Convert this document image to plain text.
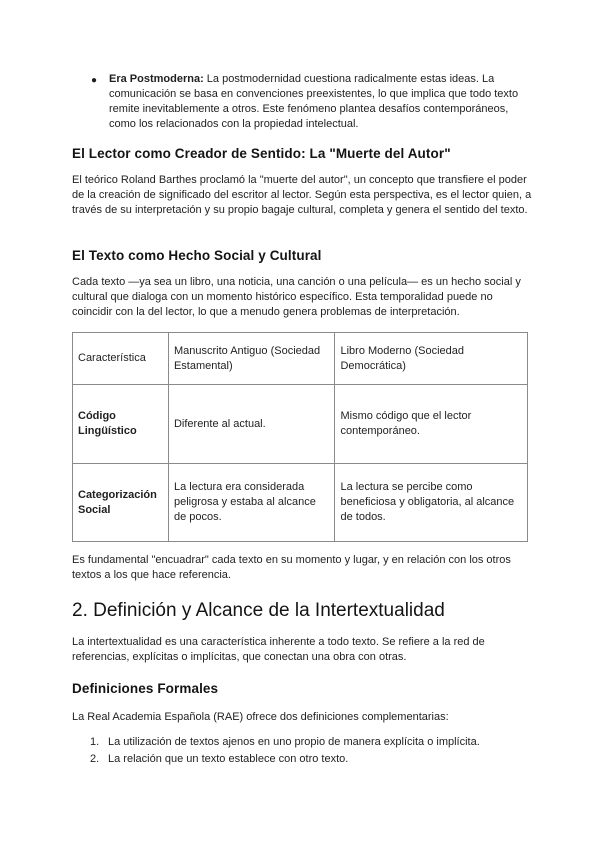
● Era Postmoderna: La postmodernidad cuestiona radicalmente estas ideas. La comunicación se basa en convenciones preexistentes, lo que implica que todo texto remite inevitablemente a otros. Este fenómeno plantea desafíos contemporáneos, como los relacionados con la propiedad intelectual.
El Lector como Creador de Sentido: La "Muerte del Autor"

El teórico Roland Barthes proclamó la "muerte del autor", un concepto que transfiere el poder de la creación de significado del escritor al lector. Según esta perspectiva, es el lector quien, a través de su interpretación y su propio bagaje cultural, completa y genera el sentido del texto.

El Texto como Hecho Social y Cultural

Cada texto —ya sea un libro, una noticia, una canción o una película— es un hecho social y cultural que dialoga con un momento histórico específico. Esta temporalidad puede no coincidir con la del lector, lo que a menudo genera problemas de interpretación.

Característica	Manuscrito Antiguo (Sociedad Estamental)	Libro Moderno (Sociedad Democrática)
Código Lingüístico	Diferente al actual.	Mismo código que el lector contemporáneo.
Categorización Social	La lectura era considerada peligrosa y estaba al alcance de pocos.	La lectura se percibe como beneficiosa y obligatoria, al alcance de todos.

Es fundamental "encuadrar" cada texto en su momento y lugar, y en relación con los otros textos a los que hace referencia.

2. Definición y Alcance de la Intertextualidad

La intertextualidad es una característica inherente a todo texto. Se refiere a la red de referencias, explícitas o implícitas, que conectan una obra con otras.

Definiciones Formales

La Real Academia Española (RAE) ofrece dos definiciones complementarias:

1. La utilización de textos ajenos en uno propio de manera explícita o implícita.
2. La relación que un texto establece con otro texto.
